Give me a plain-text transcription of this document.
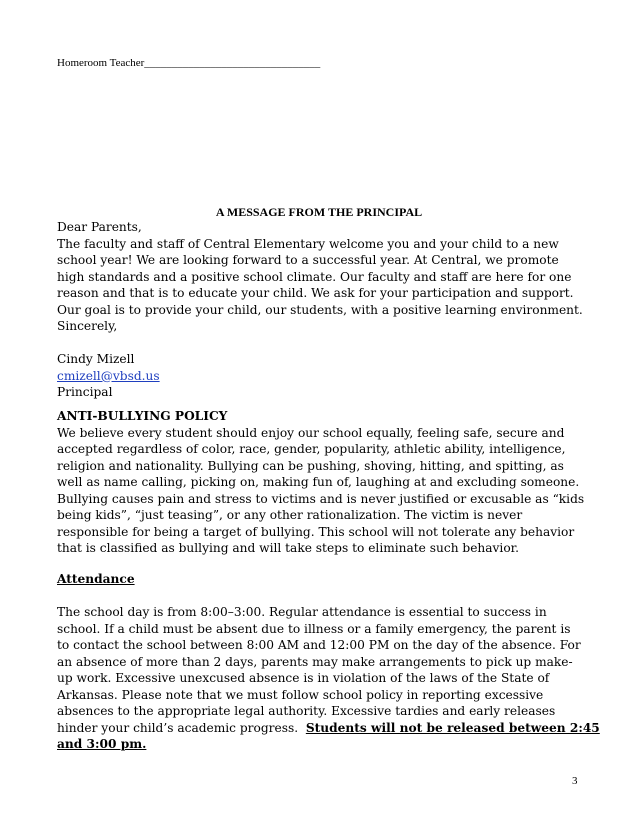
Homeroom Teacher________________________________
A MESSAGE FROM THE PRINCIPAL
Dear Parents,
The faculty and staff of Central Elementary welcome you and your child to a new
school year! We are looking forward to a successful year. At Central, we promote
high standards and a positive school climate. Our faculty and staff are here for one
reason and that is to educate your child. We ask for your participation and support.
Our goal is to provide your child, our students, with a positive learning environment.
Sincerely,
Cindy Mizell
cmizell@vbsd.us
Principal
ANTI-BULLYING POLICY
We believe every student should enjoy our school equally, feeling safe, secure and
accepted regardless of color, race, gender, popularity, athletic ability, intelligence,
religion and nationality. Bullying can be pushing, shoving, hitting, and spitting, as
well as name calling, picking on, making fun of, laughing at and excluding someone.
Bullying causes pain and stress to victims and is never justified or excusable as “kids
being kids”, “just teasing”, or any other rationalization. The victim is never
responsible for being a target of bullying. This school will not tolerate any behavior
that is classified as bullying and will take steps to eliminate such behavior.
Attendance
The school day is from 8:00–3:00. Regular attendance is essential to success in
school. If a child must be absent due to illness or a family emergency, the parent is
to contact the school between 8:00 AM and 12:00 PM on the day of the absence. For
an absence of more than 2 days, parents may make arrangements to pick up make-
up work. Excessive unexcused absence is in violation of the laws of the State of
Arkansas. Please note that we must follow school policy in reporting excessive
absences to the appropriate legal authority. Excessive tardies and early releases
hinder your child’s academic progress.  Students will not be released between 2:45
and 3:00 pm.
3
